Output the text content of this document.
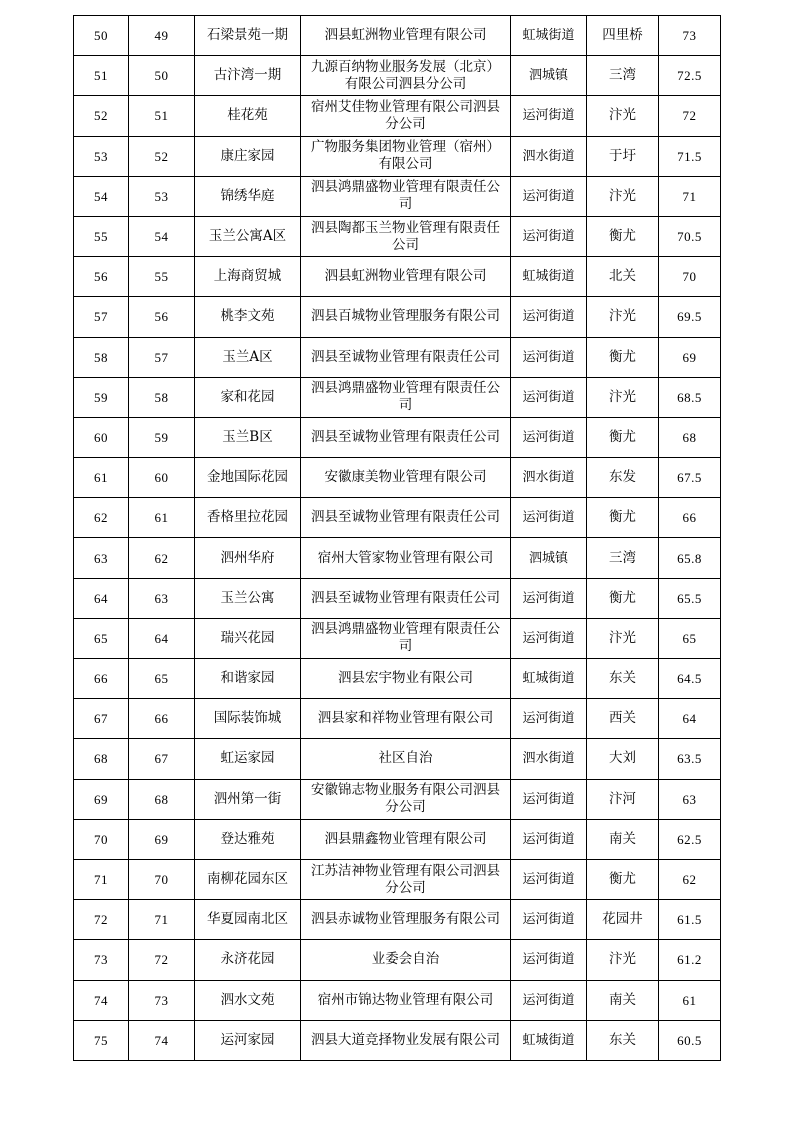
50	49	石梁景苑一期	泗县虹洲物业管理有限公司	虹城街道	四里桥	73
51	50	古汴湾一期	九源百纳物业服务发展（北京）有限公司泗县分公司	泗城镇	三湾	72.5
52	51	桂花苑	宿州艾佳物业管理有限公司泗县分公司	运河街道	汴光	72
53	52	康庄家园	广物服务集团物业管理（宿州）有限公司	泗水街道	于圩	71.5
54	53	锦绣华庭	泗县鸿鼎盛物业管理有限责任公司	运河街道	汴光	71
55	54	玉兰公寓A区	泗县陶都玉兰物业管理有限责任公司	运河街道	衡尤	70.5
56	55	上海商贸城	泗县虹洲物业管理有限公司	虹城街道	北关	70
57	56	桃李文苑	泗县百城物业管理服务有限公司	运河街道	汴光	69.5
58	57	玉兰A区	泗县至诚物业管理有限责任公司	运河街道	衡尤	69
59	58	家和花园	泗县鸿鼎盛物业管理有限责任公司	运河街道	汴光	68.5
60	59	玉兰B区	泗县至诚物业管理有限责任公司	运河街道	衡尤	68
61	60	金地国际花园	安徽康美物业管理有限公司	泗水街道	东发	67.5
62	61	香格里拉花园	泗县至诚物业管理有限责任公司	运河街道	衡尤	66
63	62	泗州华府	宿州大管家物业管理有限公司	泗城镇	三湾	65.8
64	63	玉兰公寓	泗县至诚物业管理有限责任公司	运河街道	衡尤	65.5
65	64	瑞兴花园	泗县鸿鼎盛物业管理有限责任公司	运河街道	汴光	65
66	65	和谐家园	泗县宏宇物业有限公司	虹城街道	东关	64.5
67	66	国际装饰城	泗县家和祥物业管理有限公司	运河街道	西关	64
68	67	虹运家园	社区自治	泗水街道	大刘	63.5
69	68	泗州第一街	安徽锦志物业服务有限公司泗县分公司	运河街道	汴河	63
70	69	登达雅苑	泗县鼎鑫物业管理有限公司	运河街道	南关	62.5
71	70	南柳花园东区	江苏洁神物业管理有限公司泗县分公司	运河街道	衡尤	62
72	71	华夏园南北区	泗县赤诚物业管理服务有限公司	运河街道	花园井	61.5
73	72	永济花园	业委会自治	运河街道	汴光	61.2
74	73	泗水文苑	宿州市锦达物业管理有限公司	运河街道	南关	61
75	74	运河家园	泗县大道竞择物业发展有限公司	虹城街道	东关	60.5
